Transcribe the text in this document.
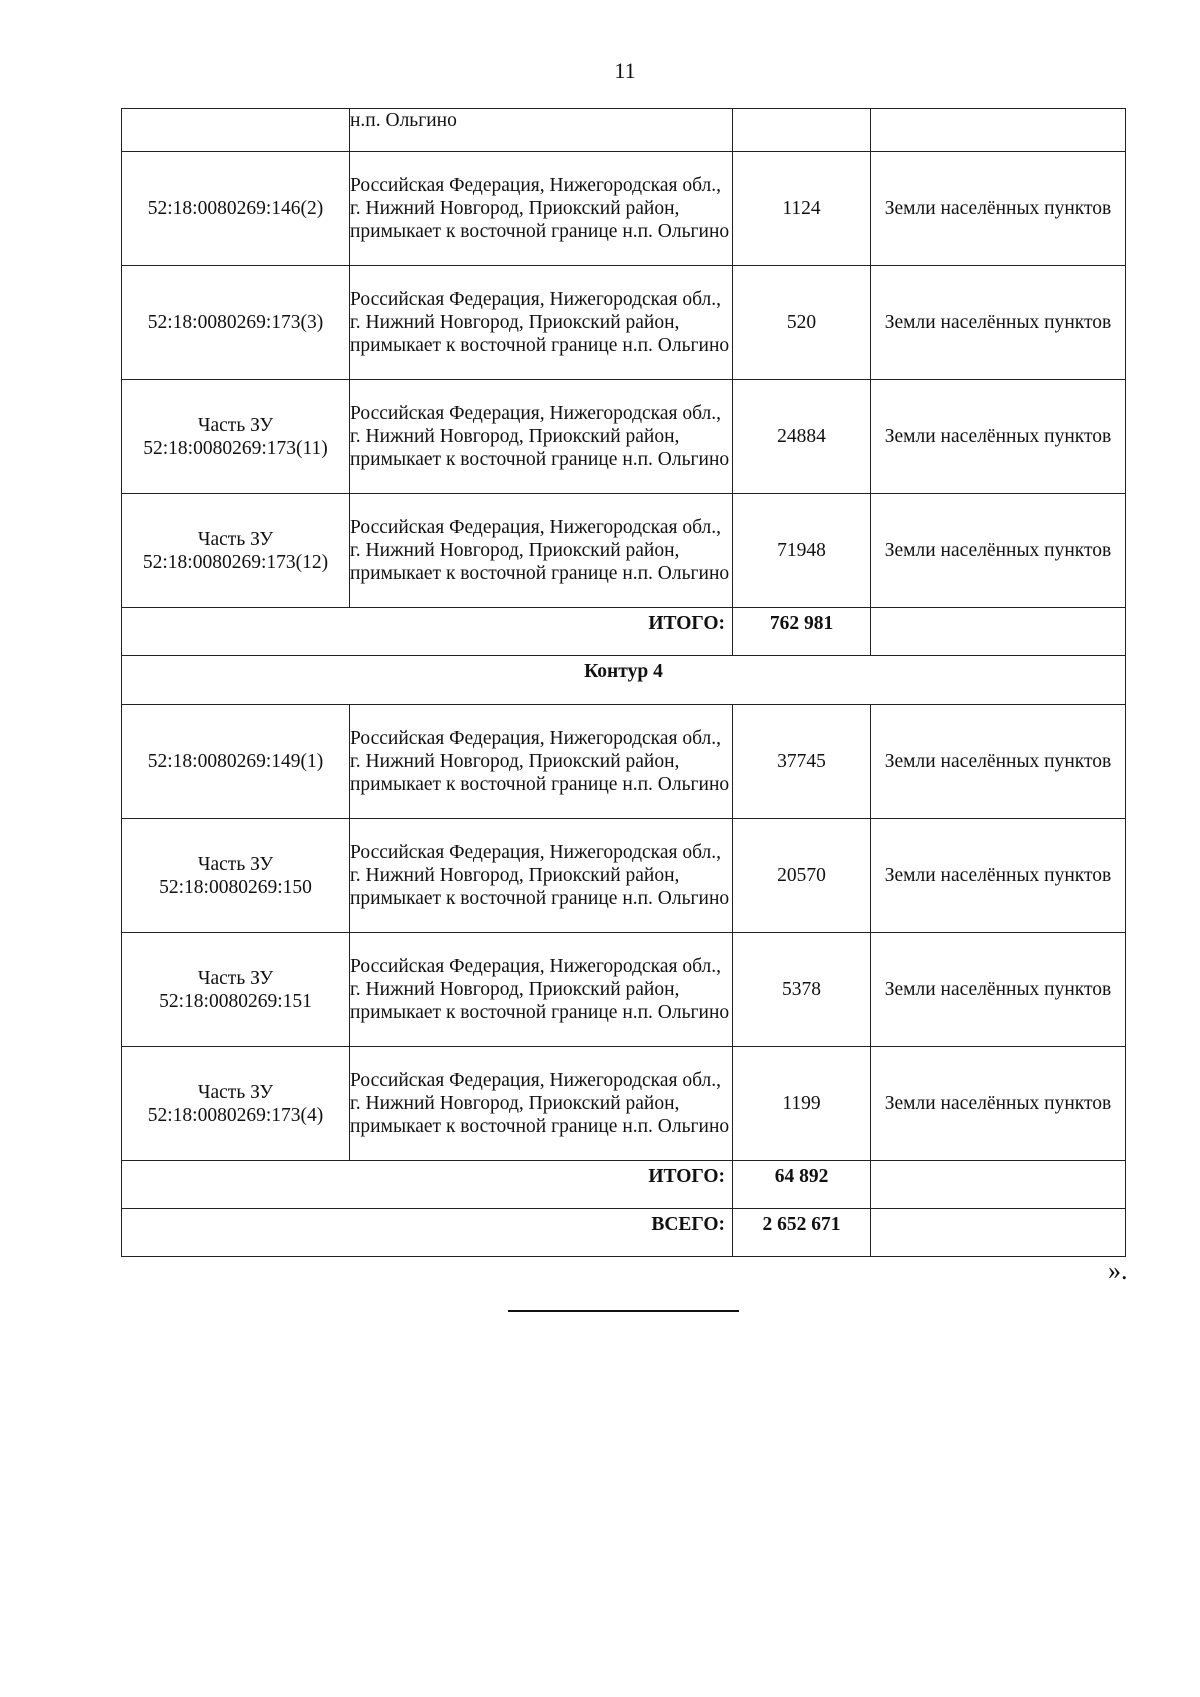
11
	н.п. Ольгино		
52:18:0080269:146(2)	Российская Федерация, Нижегородская обл., г. Нижний Новгород, Приокский район, примыкает к восточной границе н.п. Ольгино	1124	Земли населённых пунктов
52:18:0080269:173(3)	Российская Федерация, Нижегородская обл., г. Нижний Новгород, Приокский район, примыкает к восточной границе н.п. Ольгино	520	Земли населённых пунктов
Часть ЗУ 52:18:0080269:173(11)	Российская Федерация, Нижегородская обл., г. Нижний Новгород, Приокский район, примыкает к восточной границе н.п. Ольгино	24884	Земли населённых пунктов
Часть ЗУ 52:18:0080269:173(12)	Российская Федерация, Нижегородская обл., г. Нижний Новгород, Приокский район, примыкает к восточной границе н.п. Ольгино	71948	Земли населённых пунктов
ИТОГО:		762 981	
Контур 4			
52:18:0080269:149(1)	Российская Федерация, Нижегородская обл., г. Нижний Новгород, Приокский район, примыкает к восточной границе н.п. Ольгино	37745	Земли населённых пунктов
Часть ЗУ 52:18:0080269:150	Российская Федерация, Нижегородская обл., г. Нижний Новгород, Приокский район, примыкает к восточной границе н.п. Ольгино	20570	Земли населённых пунктов
Часть ЗУ 52:18:0080269:151	Российская Федерация, Нижегородская обл., г. Нижний Новгород, Приокский район, примыкает к восточной границе н.п. Ольгино	5378	Земли населённых пунктов
Часть ЗУ 52:18:0080269:173(4)	Российская Федерация, Нижегородская обл., г. Нижний Новгород, Приокский район, примыкает к восточной границе н.п. Ольгино	1199	Земли населённых пунктов
ИТОГО:		64 892	
ВСЕГО:		2 652 671	
».
